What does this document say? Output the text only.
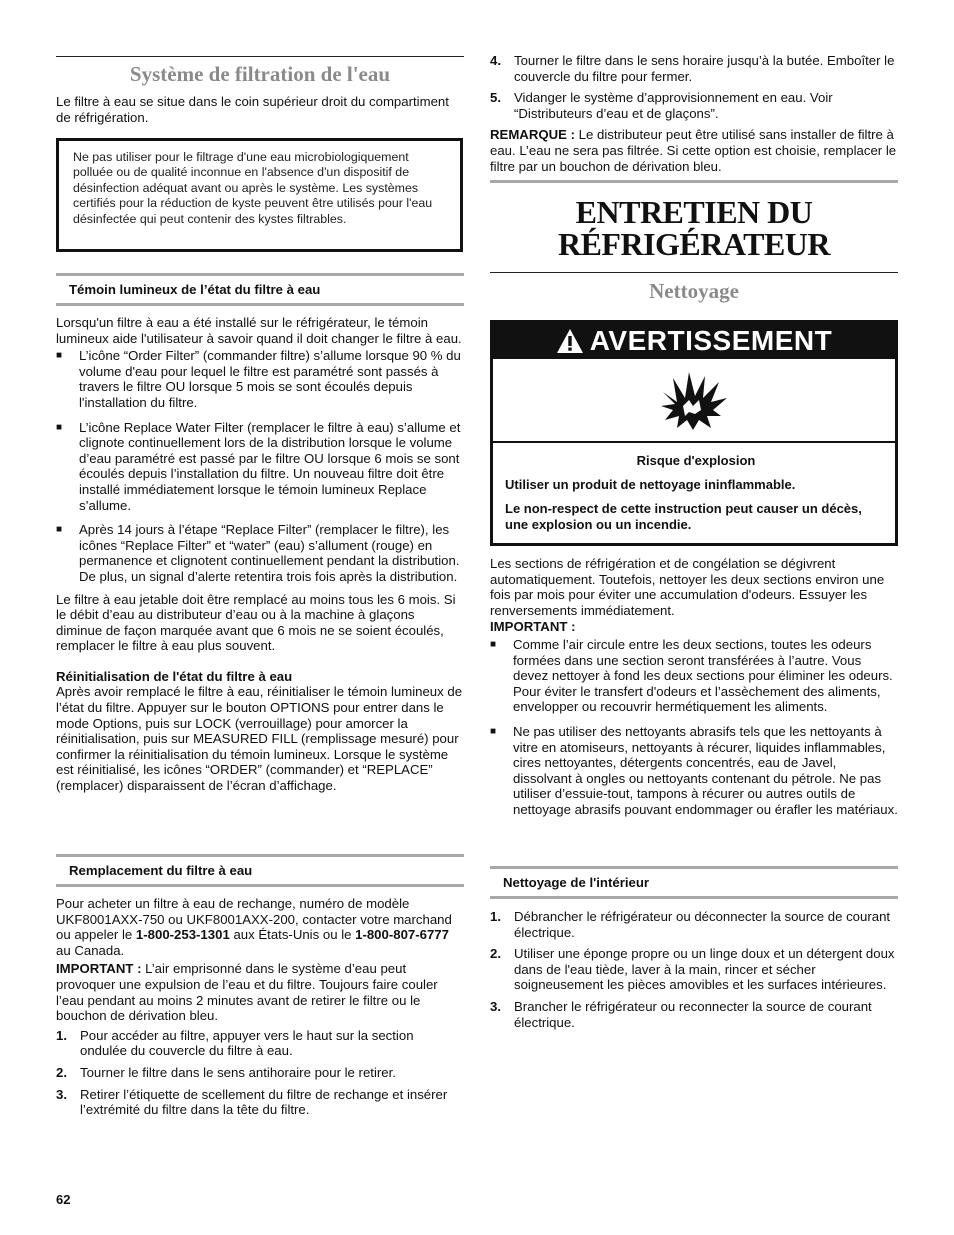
Système de filtration de l'eau

Le filtre à eau se situe dans le coin supérieur droit du compartiment de réfrigération.

Ne pas utiliser pour le filtrage d'une eau microbiologiquement polluée ou de qualité inconnue en l'absence d'un dispositif de désinfection adéquat avant ou après le système. Les systèmes certifiés pour la réduction de kyste peuvent être utilisés pour l'eau désinfectée qui peut contenir des kystes filtrables.

Témoin lumineux de l’état du filtre à eau

Lorsqu'un filtre à eau a été installé sur le réfrigérateur, le témoin lumineux aide l'utilisateur à savoir quand il doit changer le filtre à eau.

■ L’icône “Order Filter” (commander filtre) s’allume lorsque 90 % du volume d'eau pour lequel le filtre est paramétré sont passés à travers le filtre OU lorsque 5 mois se sont écoulés depuis l'installation du filtre.
■ L’icône Replace Water Filter (remplacer le filtre à eau) s’allume et clignote continuellement lors de la distribution lorsque le volume d’eau paramétré est passé par le filtre OU lorsque 6 mois se sont écoulés depuis l’installation du filtre. Un nouveau filtre doit être installé immédiatement lorsque le témoin lumineux Replace s’allume.
■ Après 14 jours à l’étape “Replace Filter” (remplacer le filtre), les icônes “Replace Filter” et “water” (eau) s’allument (rouge) en permanence et clignotent continuellement pendant la distribution. De plus, un signal d’alerte retentira trois fois après la distribution.

Le filtre à eau jetable doit être remplacé au moins tous les 6 mois. Si le débit d’eau au distributeur d’eau ou à la machine à glaçons diminue de façon marquée avant que 6 mois ne se soient écoulés, remplacer le filtre à eau plus souvent.

Réinitialisation de l'état du filtre à eau

Après avoir remplacé le filtre à eau, réinitialiser le témoin lumineux de l’état du filtre. Appuyer sur le bouton OPTIONS pour entrer dans le mode Options, puis sur LOCK (verrouillage) pour amorcer la réinitialisation, puis sur MEASURED FILL (remplissage mesuré) pour confirmer la réinitialisation du témoin lumineux. Lorsque le système est réinitialisé, les icônes “ORDER” (commander) et “REPLACE” (remplacer) disparaissent de l’écran d’affichage.

Remplacement du filtre à eau

Pour acheter un filtre à eau de rechange, numéro de modèle UKF8001AXX-750 ou UKF8001AXX-200, contacter votre marchand ou appeler le 1-800-253-1301 aux États-Unis ou le 1-800-807-6777 au Canada.

IMPORTANT : L’air emprisonné dans le système d’eau peut provoquer une expulsion de l’eau et du filtre. Toujours faire couler l’eau pendant au moins 2 minutes avant de retirer le filtre ou le bouchon de dérivation bleu.

1. Pour accéder au filtre, appuyer vers le haut sur la section ondulée du couvercle du filtre à eau.
2. Tourner le filtre dans le sens antihoraire pour le retirer.
3. Retirer l’étiquette de scellement du filtre de rechange et insérer l’extrémité du filtre dans la tête du filtre.
4. Tourner le filtre dans le sens horaire jusqu’à la butée. Emboîter le couvercle du filtre pour fermer.
5. Vidanger le système d’approvisionnement en eau. Voir “Distributeurs d’eau et de glaçons”.

REMARQUE : Le distributeur peut être utilisé sans installer de filtre à eau. L’eau ne sera pas filtrée. Si cette option est choisie, remplacer le filtre par un bouchon de dérivation bleu.

ENTRETIEN DU
RÉFRIGÉRATEUR
Nettoyage
AVERTISSEMENT

Risque d'explosion

Utiliser un produit de nettoyage ininflammable.

Le non-respect de cette instruction peut causer un décès, une explosion ou un incendie.

Les sections de réfrigération et de congélation se dégivrent automatiquement. Toutefois, nettoyer les deux sections environ une fois par mois pour éviter une accumulation d'odeurs. Essuyer les renversements immédiatement.

IMPORTANT :

■ Comme l’air circule entre les deux sections, toutes les odeurs formées dans une section seront transférées à l’autre. Vous devez nettoyer à fond les deux sections pour éliminer les odeurs. Pour éviter le transfert d'odeurs et l’assèchement des aliments, envelopper ou recouvrir hermétiquement les aliments.
■ Ne pas utiliser des nettoyants abrasifs tels que les nettoyants à vitre en atomiseurs, nettoyants à récurer, liquides inflammables, cires nettoyantes, détergents concentrés, eau de Javel, dissolvant à ongles ou nettoyants contenant du pétrole. Ne pas utiliser d’essuie-tout, tampons à récurer ou autres outils de nettoyage abrasifs pouvant endommager ou érafler les matériaux.
Nettoyage de l'intérieur
1. Débrancher le réfrigérateur ou déconnecter la source de courant électrique.
2. Utiliser une éponge propre ou un linge doux et un détergent doux dans de l'eau tiède, laver à la main, rincer et sécher soigneusement les pièces amovibles et les surfaces intérieures.
3. Brancher le réfrigérateur ou reconnecter la source de courant électrique.
62
